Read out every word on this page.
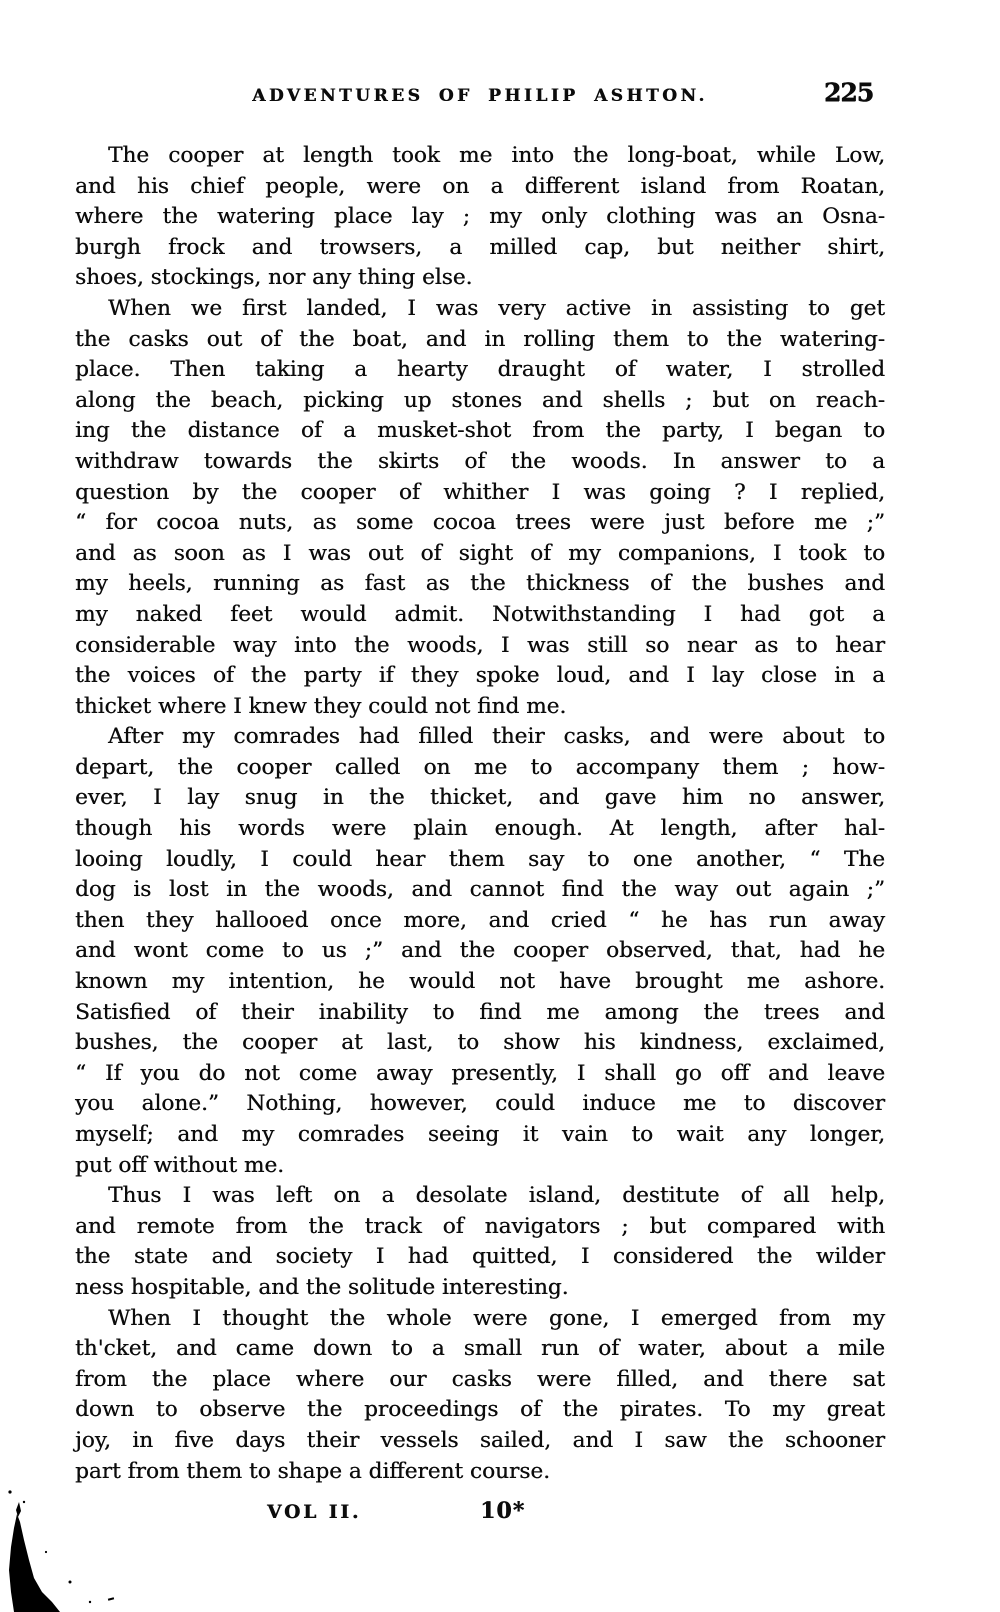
ADVENTURES OF PHILIP ASHTON.	225
The cooper at length took me into the long-boat, while Low,
and his chief people, were on a different island from Roatan,
where the watering place lay ; my only clothing was an Osna-
burgh frock and trowsers, a milled cap, but neither shirt,
shoes, stockings, nor any thing else.
When we first landed, I was very active in assisting to get
the casks out of the boat, and in rolling them to the watering-
place. Then taking a hearty draught of water, I strolled
along the beach, picking up stones and shells ; but on reach-
ing the distance of a musket-shot from the party, I began to
withdraw towards the skirts of the woods. In answer to a
question by the cooper of whither I was going ? I replied,
“ for cocoa nuts, as some cocoa trees were just before me ;”
and as soon as I was out of sight of my companions, I took to
my heels, running as fast as the thickness of the bushes and
my naked feet would admit. Notwithstanding I had got a
considerable way into the woods, I was still so near as to hear
the voices of the party if they spoke loud, and I lay close in a
thicket where I knew they could not find me.
After my comrades had filled their casks, and were about to
depart, the cooper called on me to accompany them ; how-
ever, I lay snug in the thicket, and gave him no answer,
though his words were plain enough. At length, after hal-
looing loudly, I could hear them say to one another, “ The
dog is lost in the woods, and cannot find the way out again ;”
then they hallooed once more, and cried “ he has run away
and wont come to us ;” and the cooper observed, that, had he
known my intention, he would not have brought me ashore.
Satisfied of their inability to find me among the trees and
bushes, the cooper at last, to show his kindness, exclaimed,
“ If you do not come away presently, I shall go off and leave
you alone.” Nothing, however, could induce me to discover
myself; and my comrades seeing it vain to wait any longer,
put off without me.
Thus I was left on a desolate island, destitute of all help,
and remote from the track of navigators ; but compared with
the state and society I had quitted, I considered the wilder
ness hospitable, and the solitude interesting.
When I thought the whole were gone, I emerged from my
th'cket, and came down to a small run of water, about a mile
from the place where our casks were filled, and there sat
down to observe the proceedings of the pirates. To my great
joy, in five days their vessels sailed, and I saw the schooner
part from them to shape a different course.
VOL II.	10*
